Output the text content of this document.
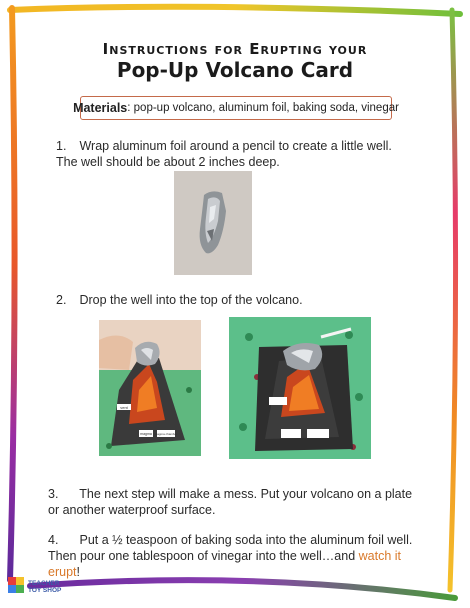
Instructions for Erupting your
Pop-Up Volcano Card
Materials : pop-up volcano, aluminum foil, baking soda, vinegar
1. Wrap aluminum foil around a pencil to create a little well. The well should be about 2 inches deep.
2. Drop the well into the top of the volcano.
vent
magma magma chamber
3. The next step will make a mess. Put your volcano on a plate or another waterproof surface.
4. Put a ½ teaspoon of baking soda into the aluminum foil well. Then pour one tablespoon of vinegar into the well…and watch it erupt!
TEACHER
TOY SHOP
